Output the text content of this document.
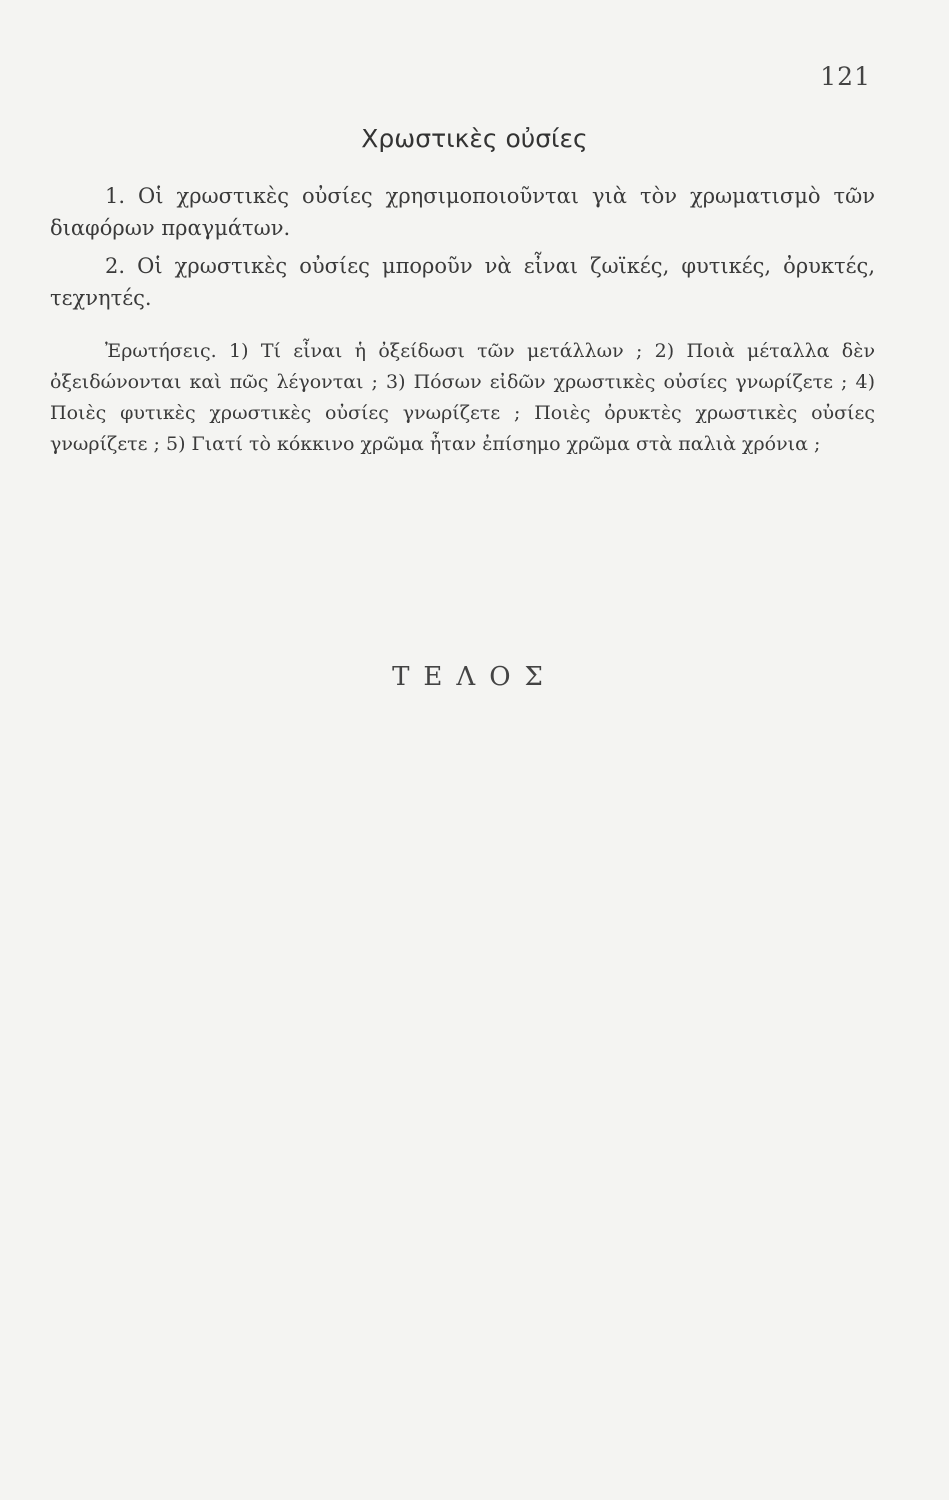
121
Χρωστικὲς οὐσίες

1. Οἱ χρωστικὲς οὐσίες χρησιμοποιοῦνται γιὰ τὸν χρωματισμὸ τῶν διαφόρων πραγμάτων.

2. Οἱ χρωστικὲς οὐσίες μποροῦν νὰ εἶναι ζωϊκές, φυτικές, ὀρυκτές, τεχνητές.

Ἐρωτήσεις. 1) Τί εἶναι ἡ ὀξείδωσι τῶν μετάλλων ; 2) Ποιὰ μέταλλα δὲν ὀξειδώνονται καὶ πῶς λέγονται ; 3) Πόσων εἰδῶν χρωστικὲς οὐσίες γνωρίζετε ; 4) Ποιὲς φυτικὲς χρωστικὲς οὐσίες γνωρίζετε ; Ποιὲς ὀρυκτὲς χρωστικὲς οὐσίες γνωρίζετε ; 5) Γιατί τὸ κόκκινο χρῶμα ἦταν ἐπίσημο χρῶμα στὰ παλιὰ χρόνια ;

ΤΕΛΟΣ
